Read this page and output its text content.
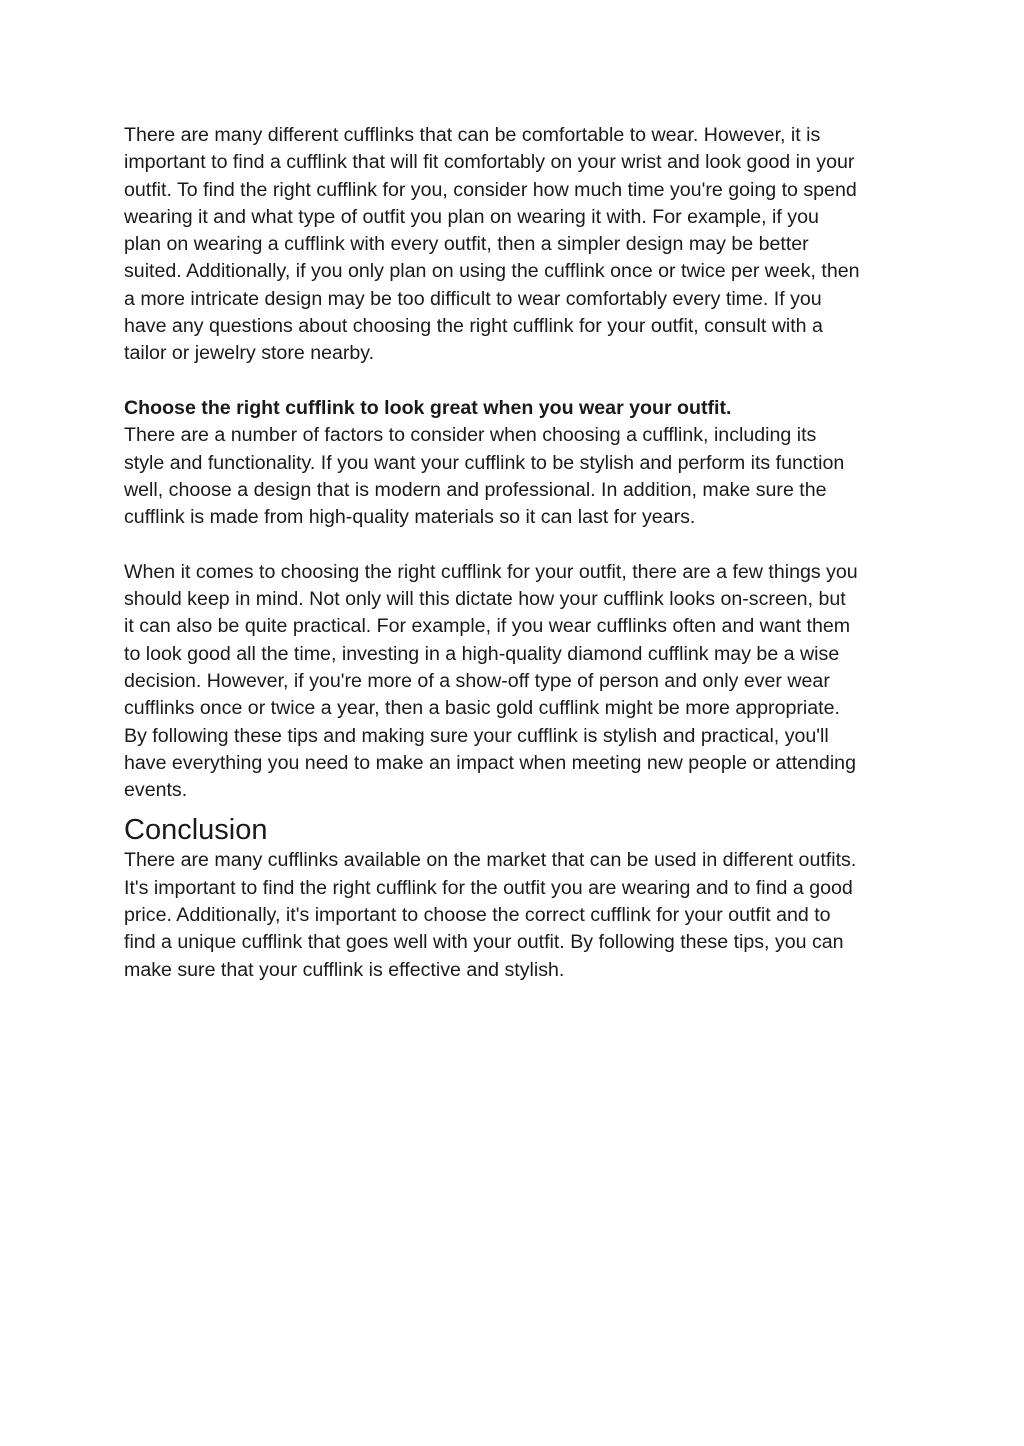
There are many different cufflinks that can be comfortable to wear. However, it is
important to find a cufflink that will fit comfortably on your wrist and look good in your
outfit. To find the right cufflink for you, consider how much time you're going to spend
wearing it and what type of outfit you plan on wearing it with. For example, if you
plan on wearing a cufflink with every outfit, then a simpler design may be better
suited. Additionally, if you only plan on using the cufflink once or twice per week, then
a more intricate design may be too difficult to wear comfortably every time. If you
have any questions about choosing the right cufflink for your outfit, consult with a
tailor or jewelry store nearby.

Choose the right cufflink to look great when you wear your outfit.
There are a number of factors to consider when choosing a cufflink, including its
style and functionality. If you want your cufflink to be stylish and perform its function
well, choose a design that is modern and professional. In addition, make sure the
cufflink is made from high-quality materials so it can last for years.

When it comes to choosing the right cufflink for your outfit, there are a few things you
should keep in mind. Not only will this dictate how your cufflink looks on-screen, but
it can also be quite practical. For example, if you wear cufflinks often and want them
to look good all the time, investing in a high-quality diamond cufflink may be a wise
decision. However, if you're more of a show-off type of person and only ever wear
cufflinks once or twice a year, then a basic gold cufflink might be more appropriate.
By following these tips and making sure your cufflink is stylish and practical, you'll
have everything you need to make an impact when meeting new people or attending
events.

Conclusion

There are many cufflinks available on the market that can be used in different outfits.
It's important to find the right cufflink for the outfit you are wearing and to find a good
price. Additionally, it's important to choose the correct cufflink for your outfit and to
find a unique cufflink that goes well with your outfit. By following these tips, you can
make sure that your cufflink is effective and stylish.
